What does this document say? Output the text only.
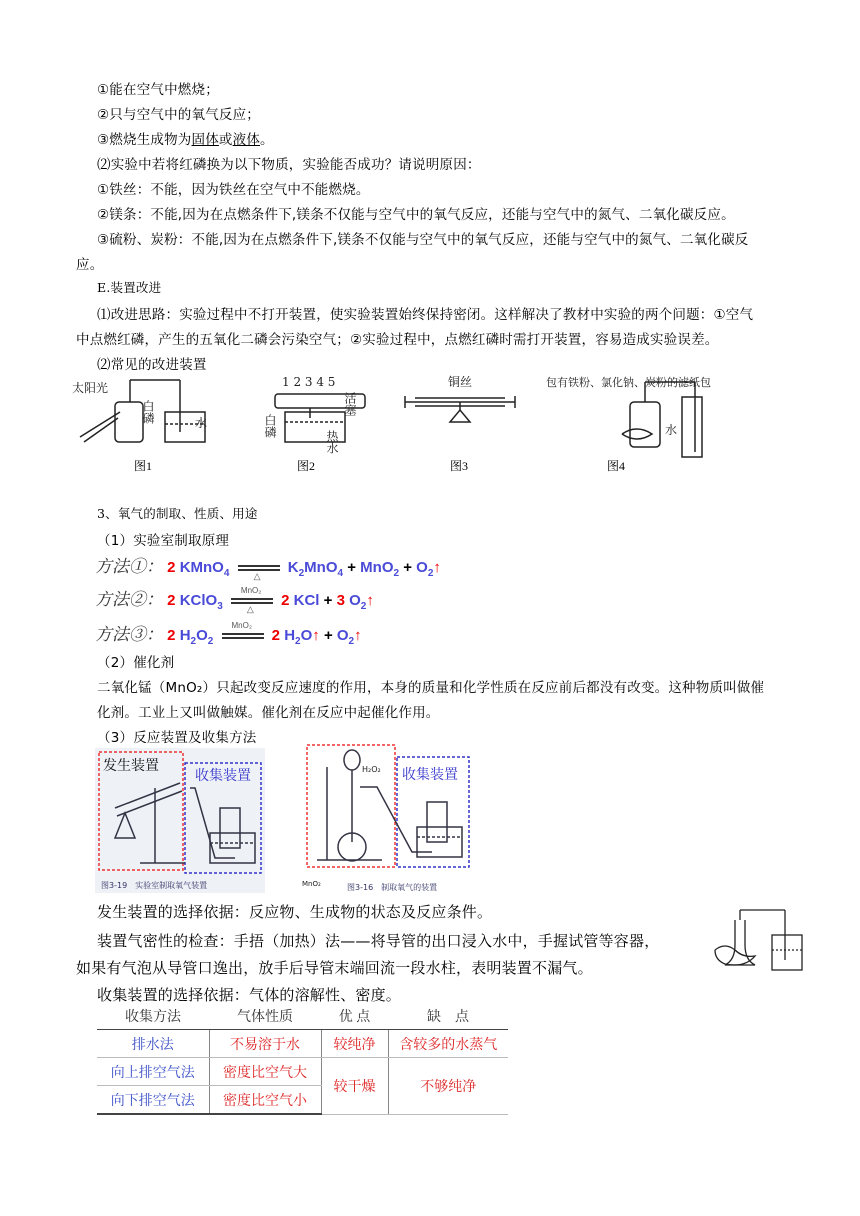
①能在空气中燃烧；
②只与空气中的氧气反应；
③燃烧生成物为固体或液体。
⑵实验中若将红磷换为以下物质，实验能否成功？请说明原因：
①铁丝：不能，因为铁丝在空气中不能燃烧。
②镁条：不能,因为在点燃条件下,镁条不仅能与空气中的氧气反应，还能与空气中的氮气、二氧化碳反应。
③硫粉、炭粉：不能,因为在点燃条件下,镁条不仅能与空气中的氧气反应，还能与空气中的氮气、二氧化碳反
应。
E.装置改进
⑴改进思路：实验过程中不打开装置，使实验装置始终保持密闭。这样解决了教材中实验的两个问题：①空气
中点燃红磷，产生的五氧化二磷会污染空气；②实验过程中，点燃红磷时需打开装置，容易造成实验误差。
⑵常见的改进装置
太阳光
白磷	水
1 2 3 4 5
白磷
活塞
热水
铜丝	包有铁粉、氯化钠、炭粉的滤纸包
水
图1	图2	图3	图4
3、氧气的制取、性质、用途
（1）实验室制取原理
方法①： 2 KMnO$_4$	△
$K_2MnO_4 + MnO_2$ + $O_2↑$
方法②： 2 KClO$_3$
MnO₂
△
2 KCl + 3 $O_2↑$
方法③： 2 $H_2O_2$
MnO₂
2 $H_2O↑$ + $O_2↑$
（2）催化剂
二氧化锰（MnO₂）只起改变反应速度的作用，本身的质量和化学性质在反应前后都没有改变。这种物质叫做催
化剂。工业上又叫做触媒。催化剂在反应中起催化作用。
（3）反应装置及收集方法
发生装置
收集装置
图3-19　实验室制取氧气装置
H₂O₂ 收集装置
MnO₂	图3-16　制取氧气的装置
发生装置的选择依据：反应物、生成物的状态及反应条件。
装置气密性的检查：手捂（加热）法——将导管的出口浸入水中，手握试管等容器，
如果有气泡从导管口逸出，放手后导管末端回流一段水柱，表明装置不漏气。
收集装置的选择依据：气体的溶解性、密度。
收集方法	气体性质	优 点	缺　点
排水法	不易溶于水	较纯净	含较多的水蒸气
向上排空气法	密度比空气大	较干燥	不够纯净
向下排空气法	密度比空气小		
